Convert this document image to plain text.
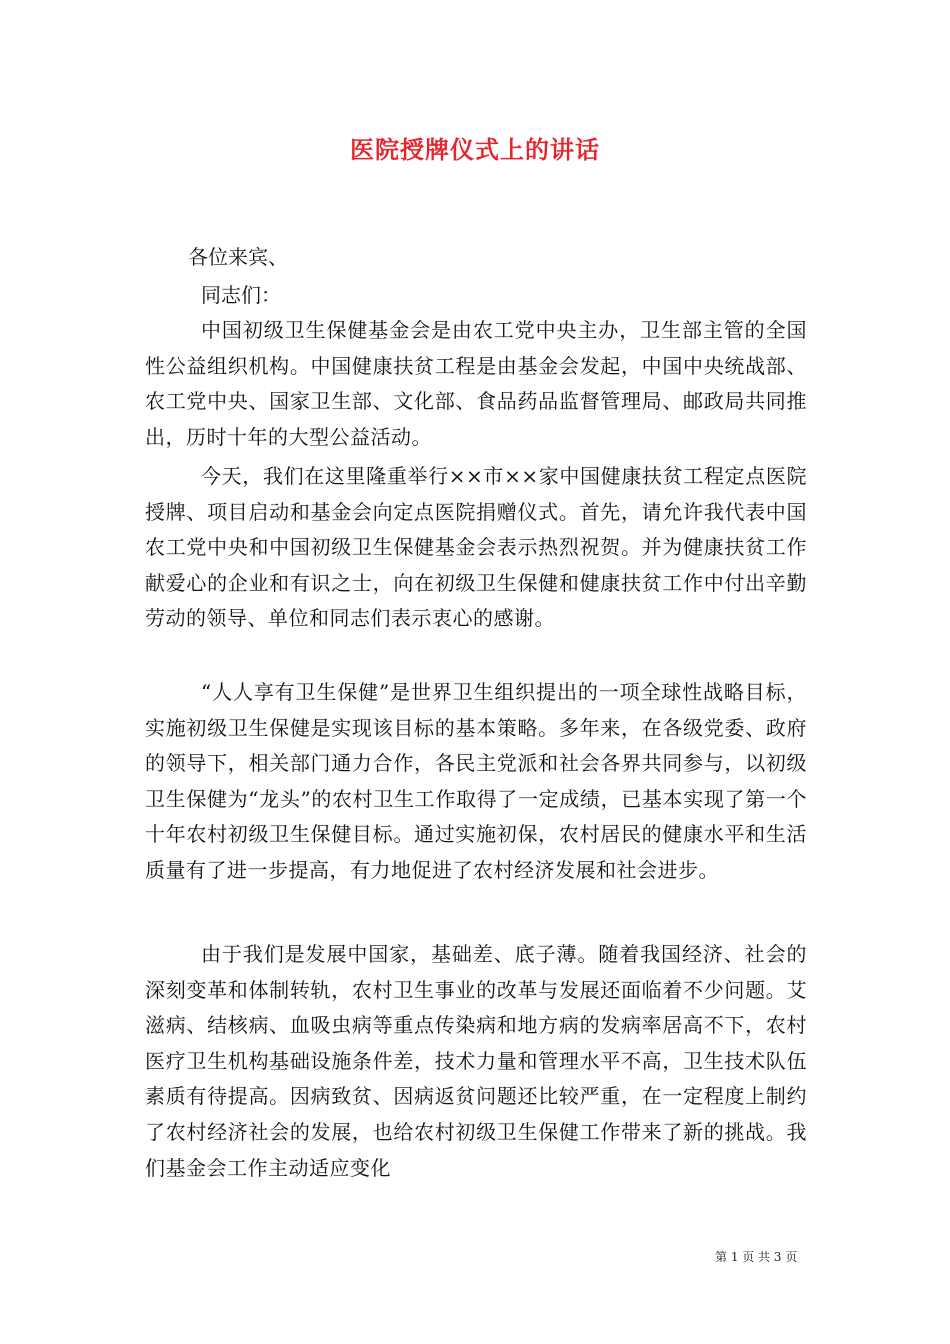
医院授牌仪式上的讲话
各位来宾、
同志们：

中国初级卫生保健基金会是由农工党中央主办，卫生部主管的全国性公益组织机构。中国健康扶贫工程是由基金会发起，中国中央统战部、农工党中央、国家卫生部、文化部、食品药品监督管理局、邮政局共同推出，历时十年的大型公益活动。

今天，我们在这里隆重举行××市××家中国健康扶贫工程定点医院授牌、项目启动和基金会向定点医院捐赠仪式。首先，请允许我代表中国农工党中央和中国初级卫生保健基金会表示热烈祝贺。并为健康扶贫工作献爱心的企业和有识之士，向在初级卫生保健和健康扶贫工作中付出辛勤劳动的领导、单位和同志们表示衷心的感谢。

“人人享有卫生保健”是世界卫生组织提出的一项全球性战略目标，实施初级卫生保健是实现该目标的基本策略。多年来，在各级党委、政府的领导下，相关部门通力合作，各民主党派和社会各界共同参与，以初级卫生保健为“龙头”的农村卫生工作取得了一定成绩，已基本实现了第一个十年农村初级卫生保健目标。通过实施初保，农村居民的健康水平和生活质量有了进一步提高，有力地促进了农村经济发展和社会进步。

由于我们是发展中国家，基础差、底子薄。随着我国经济、社会的深刻变革和体制转轨，农村卫生事业的改革与发展还面临着不少问题。艾滋病、结核病、血吸虫病等重点传染病和地方病的发病率居高不下，农村医疗卫生机构基础设施条件差，技术力量和管理水平不高，卫生技术队伍素质有待提高。因病致贫、因病返贫问题还比较严重，在一定程度上制约了农村经济社会的发展，也给农村初级卫生保健工作带来了新的挑战。我们基金会工作主动适应变化

第 1 页 共 3 页
